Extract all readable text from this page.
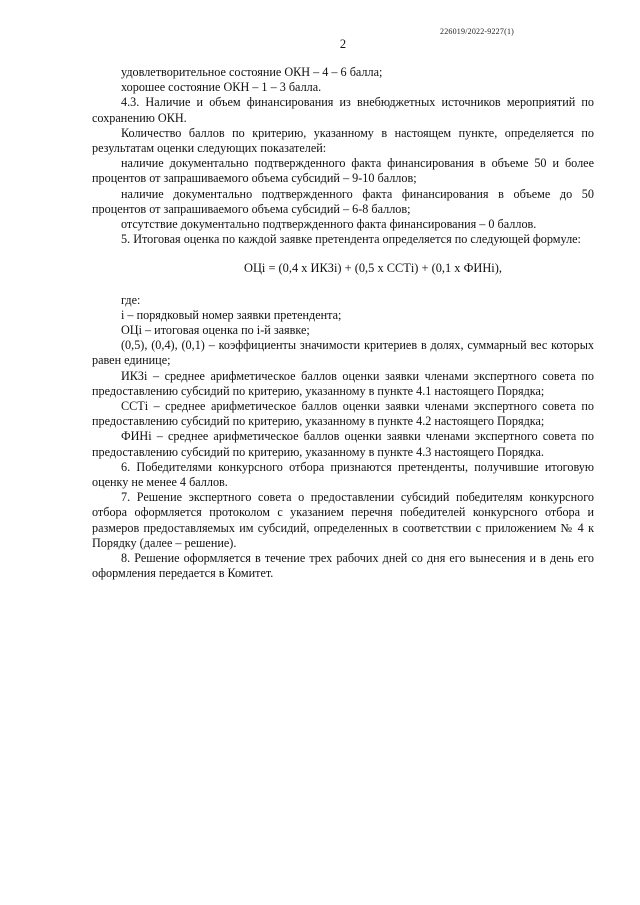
226019/2022-9227(1)
2

удовлетворительное состояние ОКН – 4 – 6 балла;

хорошее состояние ОКН – 1 – 3 балла.

4.3. Наличие и объем финансирования из внебюджетных источников мероприятий по сохранению ОКН.

Количество баллов по критерию, указанному в настоящем пункте, определяется по результатам оценки следующих показателей:

наличие документально подтвержденного факта финансирования в объеме 50 и более процентов от запрашиваемого объема субсидий – 9-10 баллов;

наличие документально подтвержденного факта финансирования в объеме до 50 процентов от запрашиваемого объема субсидий – 6-8 баллов;

отсутствие документально подтвержденного факта финансирования – 0 баллов.

5. Итоговая оценка по каждой заявке претендента определяется по следующей формуле:

ОЦi = (0,4 х ИКЗi) + (0,5 х ССТi) + (0,1 х ФИНi),

где:

i – порядковый номер заявки претендента;

ОЦi – итоговая оценка по i-й заявке;

(0,5), (0,4), (0,1) – коэффициенты значимости критериев в долях, суммарный вес которых равен единице;

ИКЗi – среднее арифметическое баллов оценки заявки членами экспертного совета по предоставлению субсидий по критерию, указанному в пункте 4.1 настоящего Порядка;

ССТi – среднее арифметическое баллов оценки заявки членами экспертного совета по предоставлению субсидий по критерию, указанному в пункте 4.2 настоящего Порядка;

ФИНi – среднее арифметическое баллов оценки заявки членами экспертного совета по предоставлению субсидий по критерию, указанному в пункте 4.3 настоящего Порядка.

6. Победителями конкурсного отбора признаются претенденты, получившие итоговую оценку не менее 4 баллов.

7. Решение экспертного совета о предоставлении субсидий победителям конкурсного отбора оформляется протоколом с указанием перечня победителей конкурсного отбора и размеров предоставляемых им субсидий, определенных в соответствии с приложением № 4 к Порядку (далее – решение).

8. Решение оформляется в течение трех рабочих дней со дня его вынесения и в день его оформления передается в Комитет.
